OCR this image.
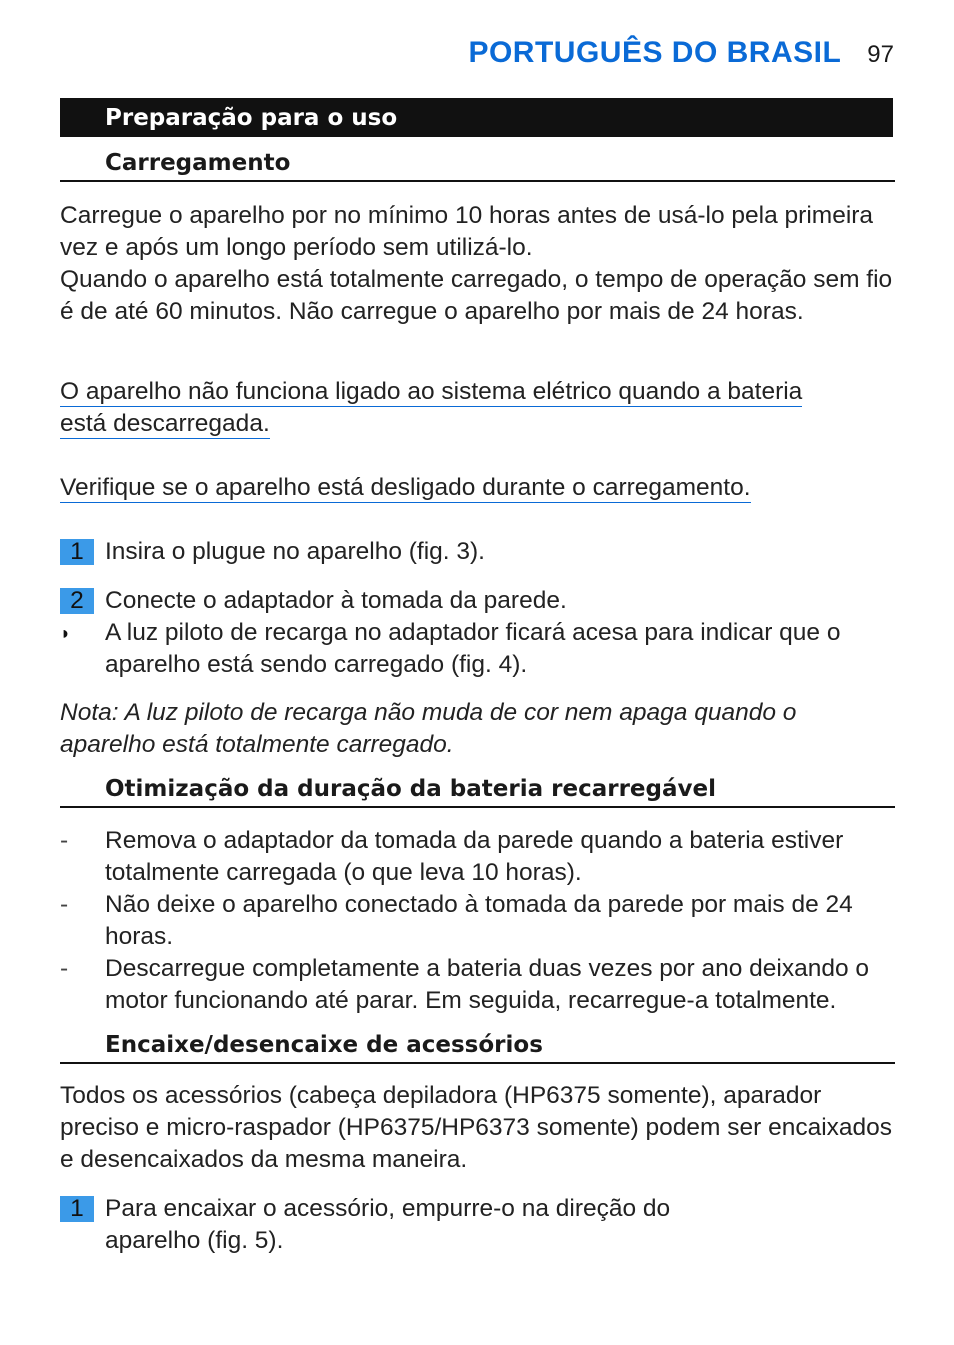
PORTUGUÊS DO BRASIL 97
Preparação para o uso
Carregamento
Carregue o aparelho por no mínimo 10 horas antes de usá-lo pela primeira vez e após um longo período sem utilizá-lo.
Quando o aparelho está totalmente carregado, o tempo de operação sem fio é de até 60 minutos. Não carregue o aparelho por mais de 24 horas.
O aparelho não funciona ligado ao sistema elétrico quando a bateria
está descarregada.
Verifique se o aparelho está desligado durante o carregamento.
1 Insira o plugue no aparelho (fig. 3).
2 Conecte o adaptador à tomada da parede.
◗	A luz piloto de recarga no adaptador ficará acesa para indicar que o aparelho está sendo carregado (fig. 4).
Nota: A luz piloto de recarga não muda de cor nem apaga quando o aparelho está totalmente carregado.
Otimização da duração da bateria recarregável
-	Remova o adaptador da tomada da parede quando a bateria estiver totalmente carregada (o que leva 10 horas).
-	Não deixe o aparelho conectado à tomada da parede por mais de 24 horas.
-	Descarregue completamente a bateria duas vezes por ano deixando o motor funcionando até parar. Em seguida, recarregue-a totalmente.
Encaixe/desencaixe de acessórios
Todos os acessórios (cabeça depiladora (HP6375 somente), aparador preciso e micro-raspador (HP6375/HP6373 somente) podem ser encaixados e desencaixados da mesma maneira.
1 Para encaixar o acessório, empurre-o na direção do
aparelho (fig. 5).
